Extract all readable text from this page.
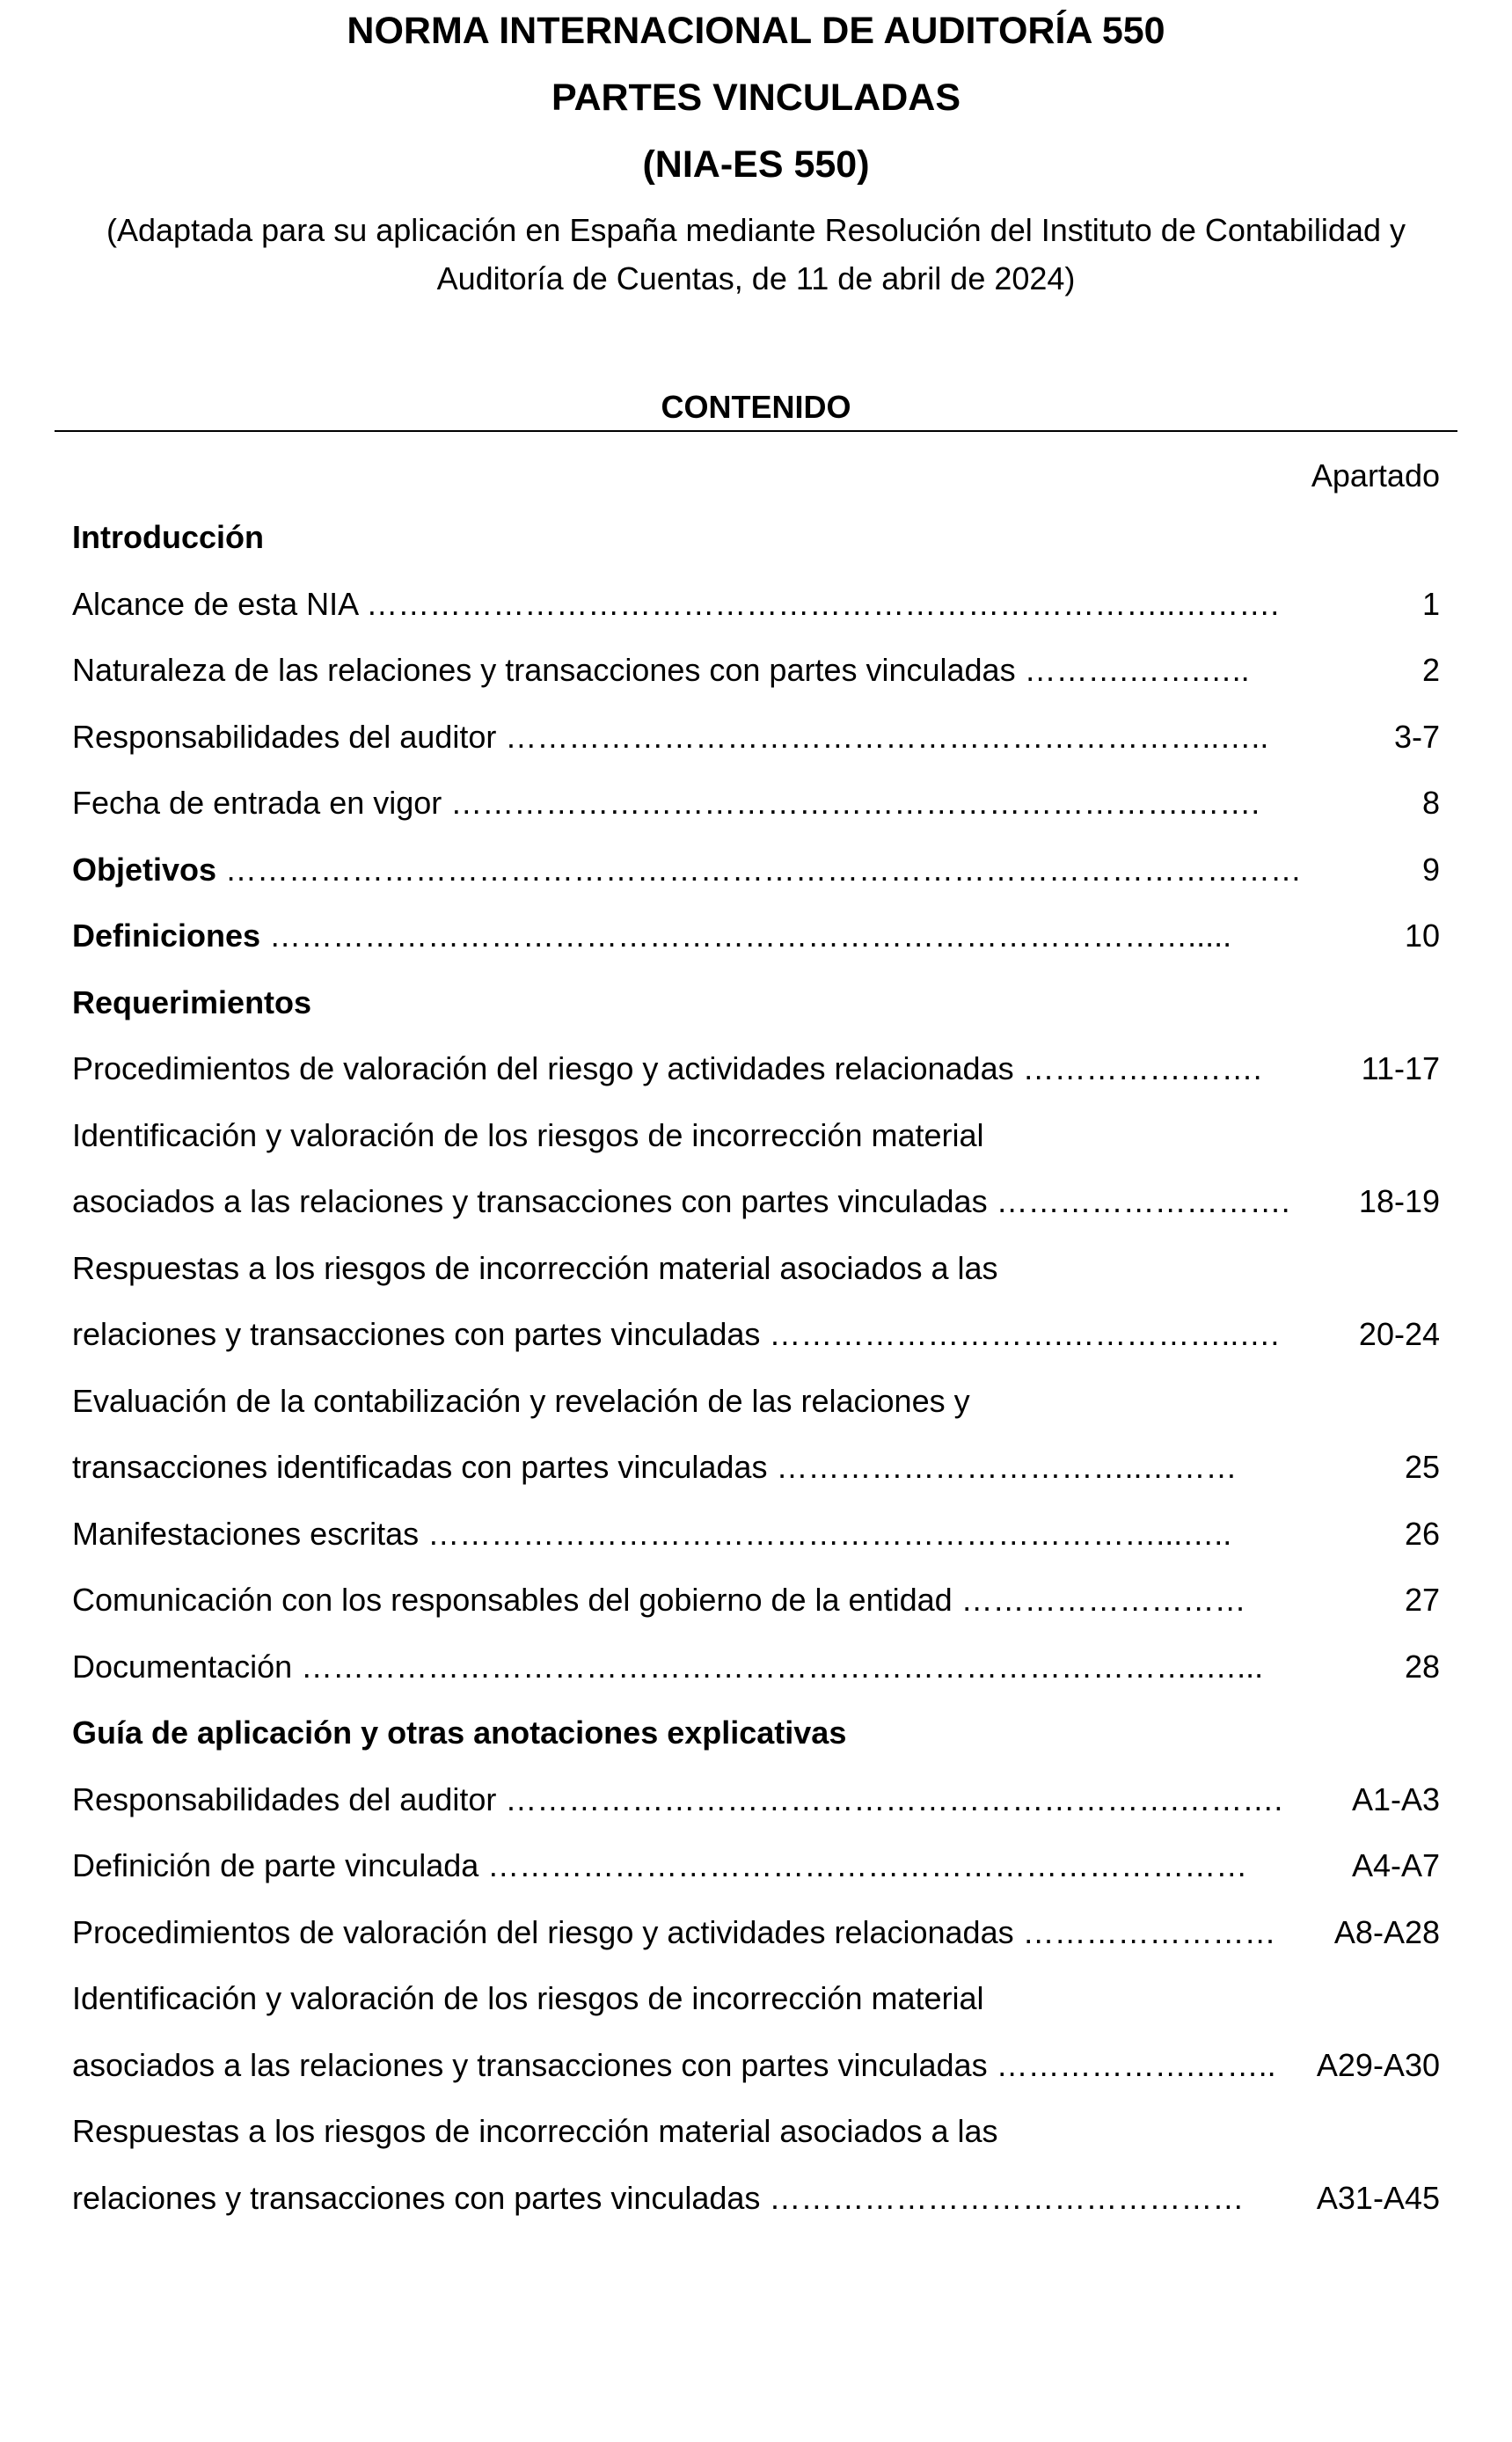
NORMA INTERNACIONAL DE AUDITORÍA 550
PARTES VINCULADAS
(NIA-ES 550)

(Adaptada para su aplicación en España mediante Resolución del Instituto de Contabilidad y

Auditoría de Cuentas, de 11 de abril de 2024)

CONTENIDO

Apartado

Introducción
Alcance de esta NIA …………………………………………………………………..……….	1
Naturaleza de las relaciones y transacciones con partes vinculadas ……….…….…..	2
Responsabilidades del auditor …………………………………………………………..…..	3-7
Fecha de entrada en vigor …………………………………………………………….…….	8
Objetivos …………………………………………………………………………………………	9
Definiciones …………………………………………………………………………….....	10
Requerimientos
Procedimientos de valoración del riesgo y actividades relacionadas …………….…….	11-17
Identificación y valoración de los riesgos de incorrección material
asociados a las relaciones y transacciones con partes vinculadas ………………………. 18-19
Respuestas a los riesgos de incorrección material asociados a las
relaciones y transacciones con partes vinculadas ……………………….……………..….	20-24
Evaluación de la contabilización y revelación de las relaciones y
transacciones identificadas con partes vinculadas ……………………………..………	25
Manifestaciones escritas ……………………………………………………………...…..	26
Comunicación con los responsables del gobierno de la entidad ………………………	27
Documentación …………………………………………………………………………..…...	28
Guía de aplicación y otras anotaciones explicativas
Responsabilidades del auditor ……………………………………………………….………. A1-A3
Definición de parte vinculada ………………………………………………………………	A4-A7
Procedimientos de valoración del riesgo y actividades relacionadas …………………… A8-A28
Identificación y valoración de los riesgos de incorrección material
asociados a las relaciones y transacciones con partes vinculadas ……………….…….. A29-A30
Respuestas a los riesgos de incorrección material asociados a las
relaciones y transacciones con partes vinculadas ………………………………………	A31-A45
